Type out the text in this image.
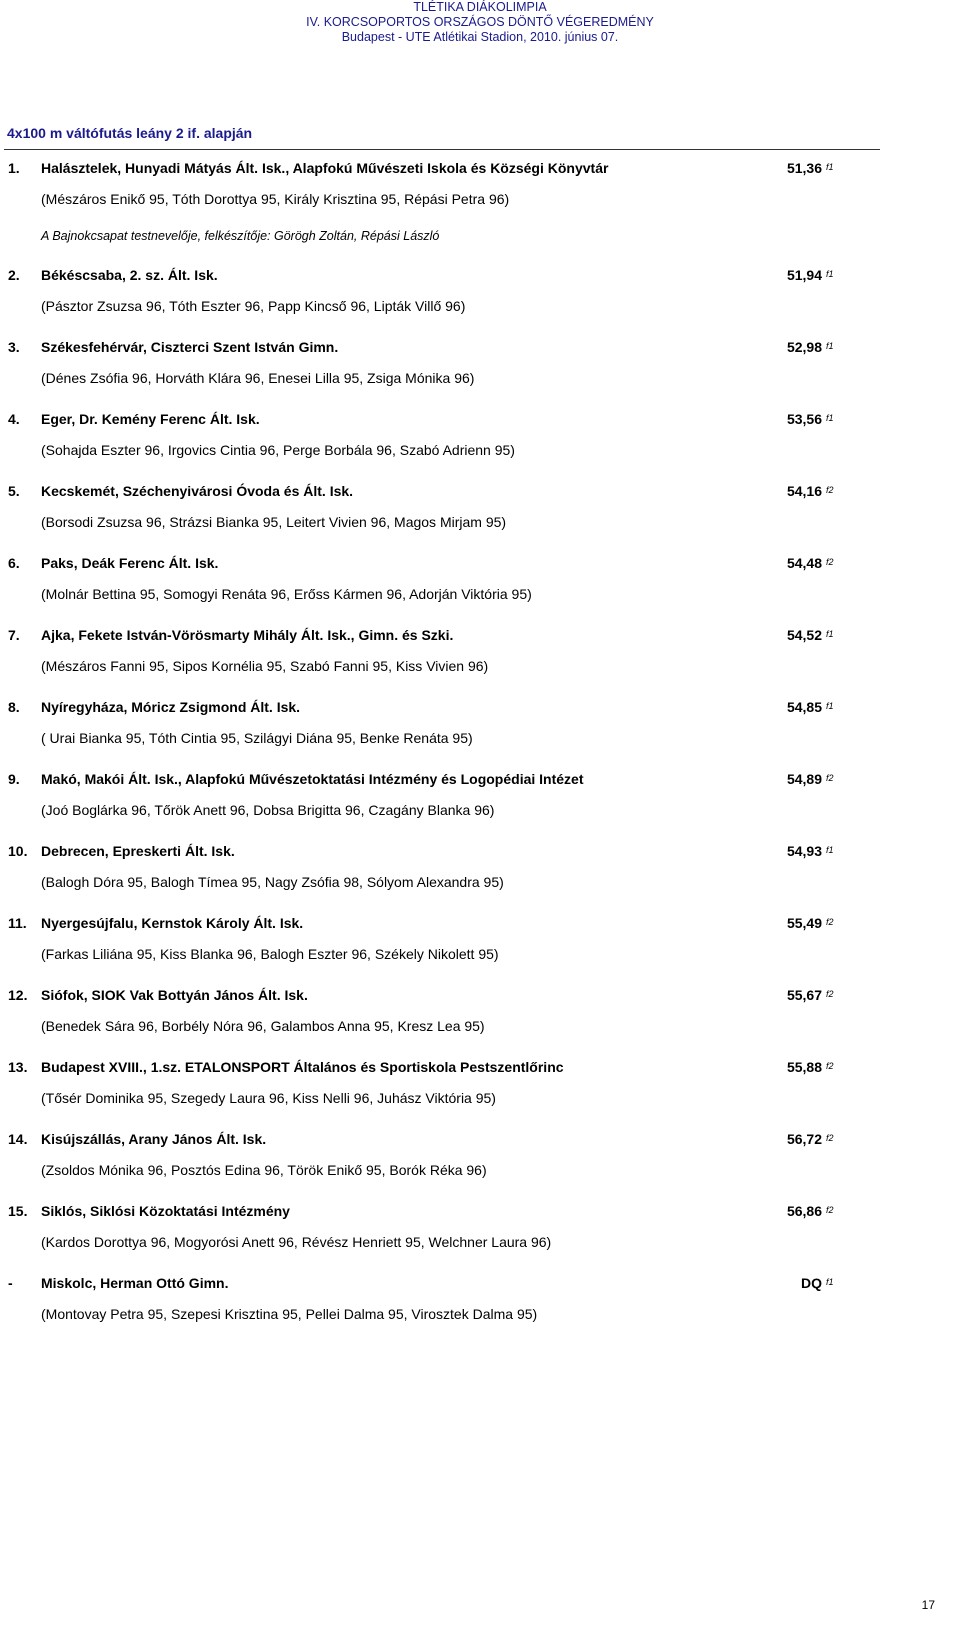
TLÉTIKA DIÁKOLIMPIA
IV. KORCSOPORTOS ORSZÁGOS DÖNTŐ VÉGEREDMÉNY
Budapest - UTE Atlétikai Stadion, 2010. június 07.
4x100 m váltófutás leány 2 if. alapján
1. Halásztelek, Hunyadi Mátyás Ált. Isk., Alapfokú Művészeti Iskola és Községi Könyvtár	51,36 f1
(Mészáros Enikő 95, Tóth Dorottya 95, Király Krisztina 95, Répási Petra 96)
A Bajnokcsapat testnevelője, felkészítője: Görögh Zoltán, Répási László
2. Békéscsaba, 2. sz. Ált. Isk.	51,94 f1
(Pásztor Zsuzsa 96, Tóth Eszter 96, Papp Kincső 96, Lipták Villő 96)
3. Székesfehérvár, Ciszterci Szent István Gimn.	52,98 f1
(Dénes Zsófia 96, Horváth Klára 96, Enesei Lilla 95, Zsiga Mónika 96)
4. Eger, Dr. Kemény Ferenc Ált. Isk.	53,56 f1
(Sohajda Eszter 96, Irgovics Cintia 96, Perge Borbála 96, Szabó Adrienn 95)
5. Kecskemét, Széchenyivárosi Óvoda és Ált. Isk.	54,16 f2
(Borsodi Zsuzsa 96, Strázsi Bianka 95, Leitert Vivien 96, Magos Mirjam 95)
6. Paks, Deák Ferenc Ált. Isk.	54,48 f2
(Molnár Bettina 95, Somogyi Renáta 96, Erőss Kármen 96, Adorján Viktória 95)
7. Ajka, Fekete István-Vörösmarty Mihály Ált. Isk., Gimn. és Szki.	54,52 f1
(Mészáros Fanni 95, Sipos Kornélia 95, Szabó Fanni 95, Kiss Vivien 96)
8. Nyíregyháza, Móricz Zsigmond Ált. Isk.	54,85 f1
( Urai Bianka 95, Tóth Cintia 95, Szilágyi Diána 95, Benke Renáta 95)
9. Makó, Makói Ált. Isk., Alapfokú Művészetoktatási Intézmény és Logopédiai Intézet	54,89 f2
(Joó Boglárka 96, Tőrök Anett 96, Dobsa Brigitta 96, Czagány Blanka 96)
10. Debrecen, Epreskerti Ált. Isk.	54,93 f1
(Balogh Dóra 95, Balogh Tímea 95, Nagy Zsófia 98, Sólyom Alexandra 95)
11. Nyergesújfalu, Kernstok Károly Ált. Isk.	55,49 f2
(Farkas Liliána 95, Kiss Blanka 96, Balogh Eszter 96, Székely Nikolett 95)
12. Siófok, SIOK Vak Bottyán János Ált. Isk.	55,67 f2
(Benedek Sára 96, Borbély Nóra 96, Galambos Anna 95, Kresz Lea 95)
13. Budapest XVIII., 1.sz. ETALONSPORT Általános és Sportiskola Pestszentlőrinc	55,88 f2
(Tősér Dominika 95, Szegedy Laura 96, Kiss Nelli 96, Juhász Viktória 95)
14. Kisújszállás, Arany János Ált. Isk.	56,72 f2
(Zsoldos Mónika 96, Posztós Edina 96, Török Enikő 95, Borók Réka 96)
15. Siklós, Siklósi Közoktatási Intézmény	56,86 f2
(Kardos Dorottya 96, Mogyorósi Anett 96, Révész Henriett 95, Welchner Laura 96)
- Miskolc, Herman Ottó Gimn.	DQ f1
(Montovay Petra 95, Szepesi Krisztina 95, Pellei Dalma 95, Virosztek Dalma 95)
17
